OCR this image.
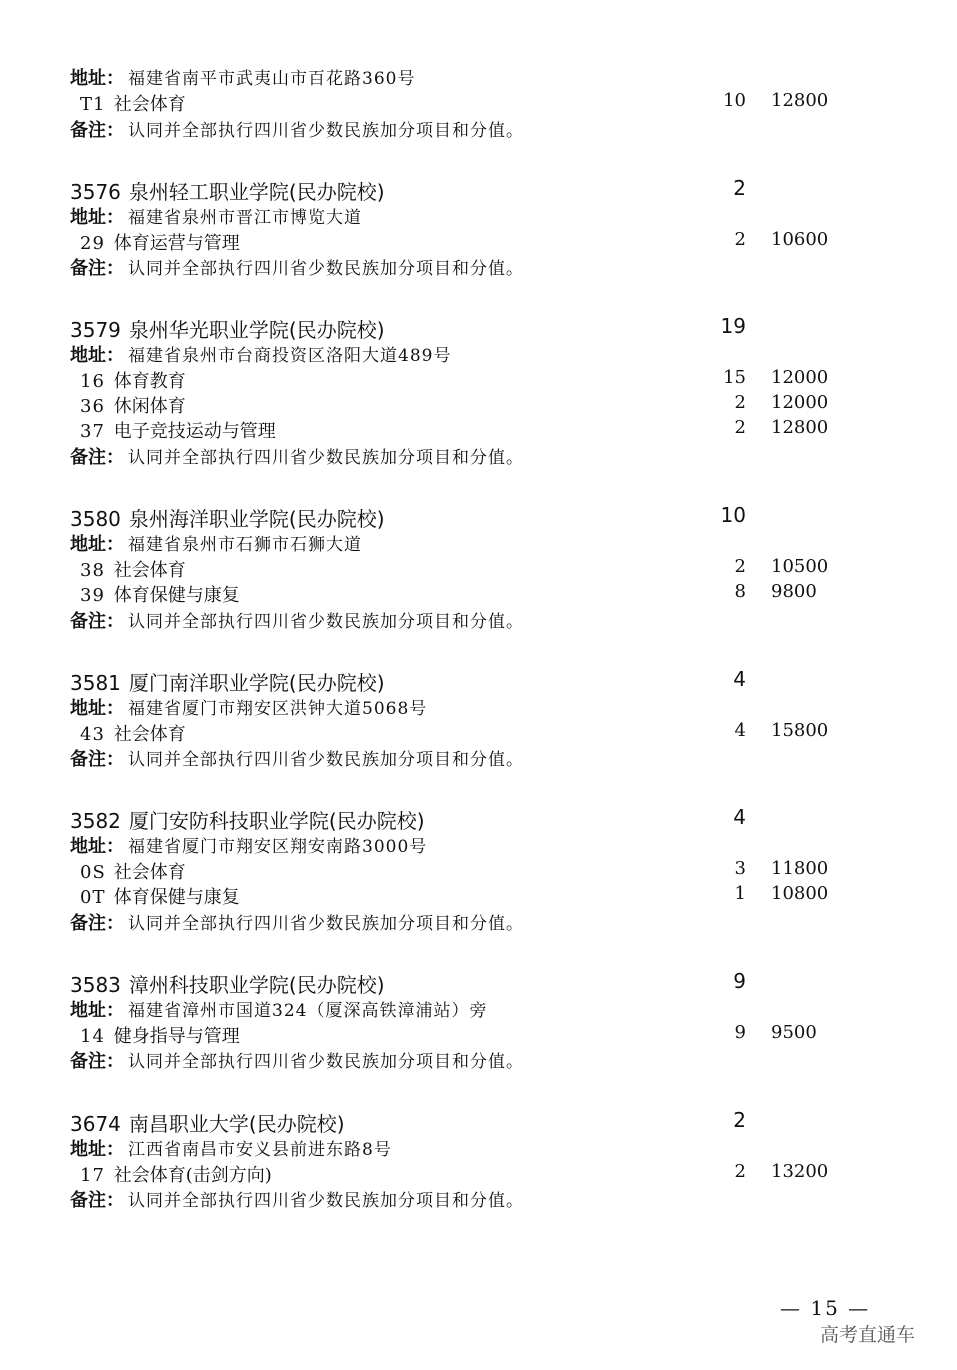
地址： 福建省南平市武夷山市百花路360号
T1 社会体育	10 12800
备注： 认同并全部执行四川省少数民族加分项目和分值。
3576 泉州轻工职业学院(民办院校)	2
地址： 福建省泉州市晋江市博览大道
29 体育运营与管理	2 10600
备注： 认同并全部执行四川省少数民族加分项目和分值。
3579 泉州华光职业学院(民办院校)	19
地址： 福建省泉州市台商投资区洛阳大道489号
16 体育教育	15 12000
36 休闲体育	2 12000
37 电子竞技运动与管理	2 12800
备注： 认同并全部执行四川省少数民族加分项目和分值。
3580 泉州海洋职业学院(民办院校)	10
地址： 福建省泉州市石狮市石狮大道
38 社会体育	2 10500
39 体育保健与康复	8 9800
备注： 认同并全部执行四川省少数民族加分项目和分值。
3581 厦门南洋职业学院(民办院校)	4
地址： 福建省厦门市翔安区洪钟大道5068号
43 社会体育	4 15800
备注： 认同并全部执行四川省少数民族加分项目和分值。
3582 厦门安防科技职业学院(民办院校)	4
地址： 福建省厦门市翔安区翔安南路3000号
0S 社会体育	3 11800
0T 体育保健与康复	1 10800
备注： 认同并全部执行四川省少数民族加分项目和分值。
3583 漳州科技职业学院(民办院校)	9
地址： 福建省漳州市国道324（厦深高铁漳浦站）旁
14 健身指导与管理	9 9500
备注： 认同并全部执行四川省少数民族加分项目和分值。
3674 南昌职业大学(民办院校)	2
地址： 江西省南昌市安义县前进东路8号
17 社会体育(击剑方向)	2 13200
备注： 认同并全部执行四川省少数民族加分项目和分值。
— 15 —
高考直通车
